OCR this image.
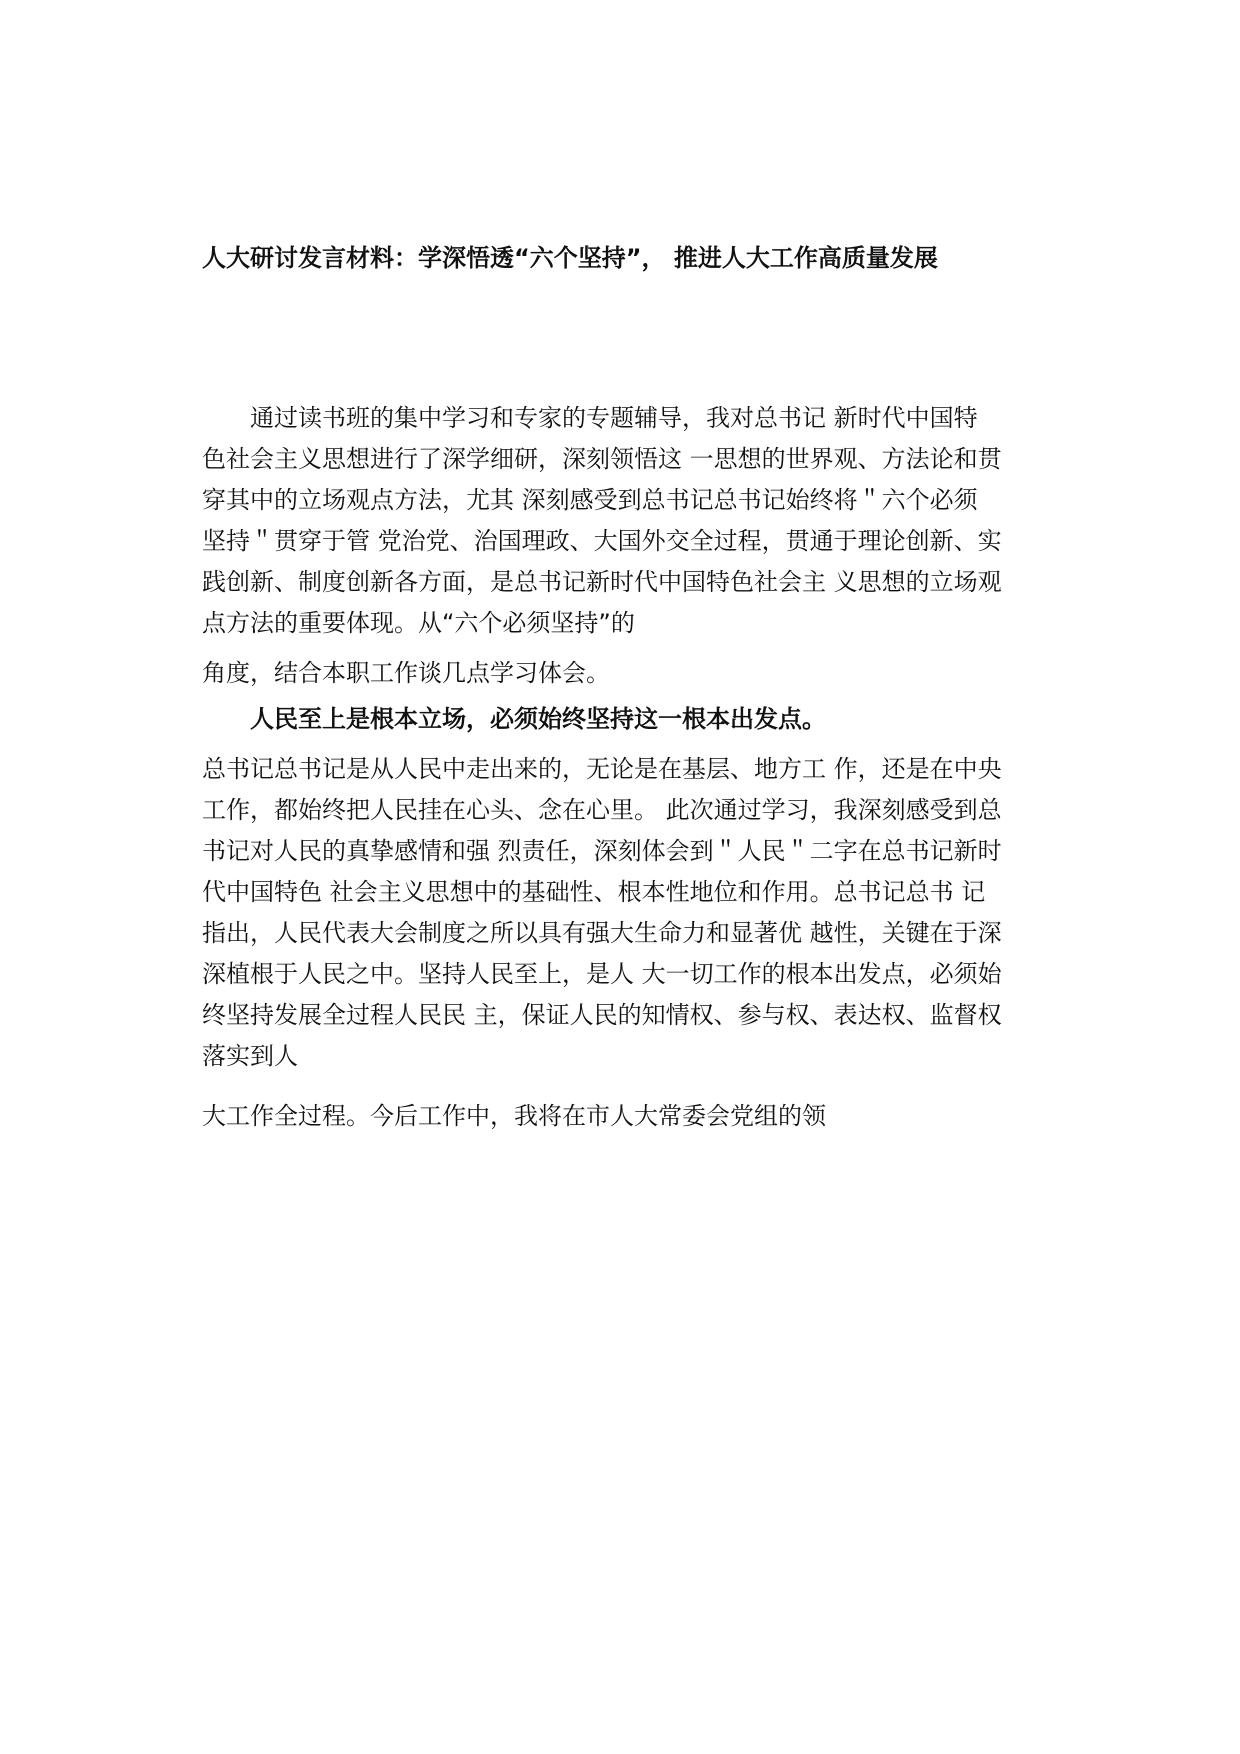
人大研讨发言材料：学深悟透“六个坚持”， 推进人大工作高质量发展
　　通过读书班的集中学习和专家的专题辅导，我对总书记 新时代中国特
色社会主义思想进行了深学细研，深刻领悟这 一思想的世界观、方法论和贯
穿其中的立场观点方法，尤其 深刻感受到总书记总书记始终将＂六个必须
坚持＂贯穿于管 党治党、治国理政、大国外交全过程，贯通于理论创新、实
践创新、制度创新各方面，是总书记新时代中国特色社会主 义思想的立场观
点方法的重要体现。从“六个必须坚持”的
角度，结合本职工作谈几点学习体会。
　　人民至上是根本立场，必须始终坚持这一根本出发点。
总书记总书记是从人民中走出来的，无论是在基层、地方工 作，还是在中央
工作，都始终把人民挂在心头、念在心里。 此次通过学习，我深刻感受到总
书记对人民的真挚感情和强 烈责任，深刻体会到＂人民＂二字在总书记新时
代中国特色 社会主义思想中的基础性、根本性地位和作用。总书记总书 记
指出，人民代表大会制度之所以具有强大生命力和显著优 越性，关键在于深
深植根于人民之中。坚持人民至上，是人 大一切工作的根本出发点，必须始
终坚持发展全过程人民民 主，保证人民的知情权、参与权、表达权、监督权
落实到人
大工作全过程。今后工作中，我将在市人大常委会党组的领
